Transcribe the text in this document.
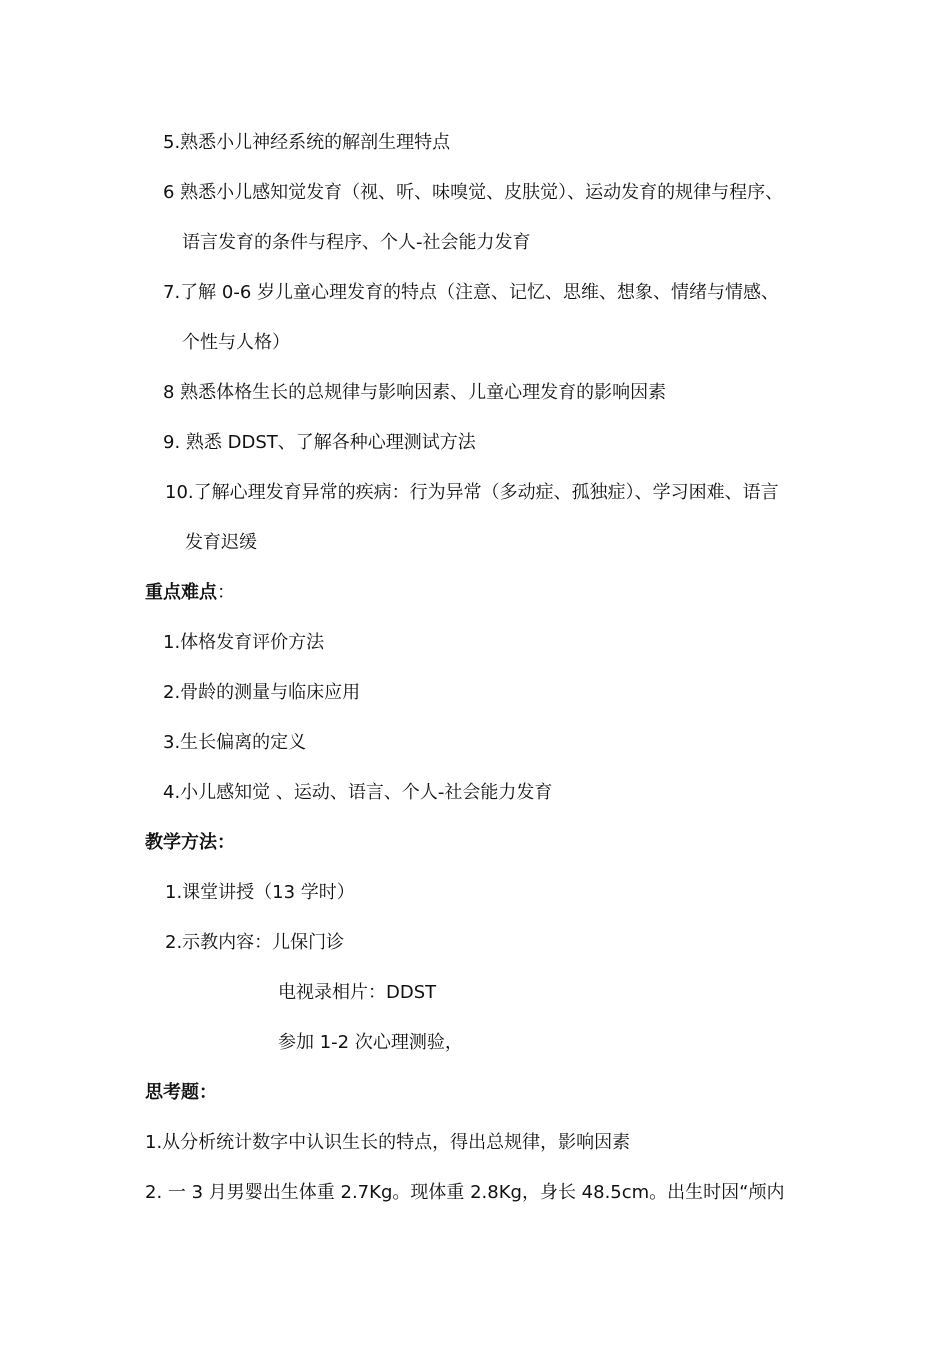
5.熟悉小儿神经系统的解剖生理特点
6 熟悉小儿感知觉发育（视、听、味嗅觉、皮肤觉）、运动发育的规律与程序、
语言发育的条件与程序、个人-社会能力发育
7.了解 0-6 岁儿童心理发育的特点（注意、记忆、思维、想象、情绪与情感、
个性与人格）
8 熟悉体格生长的总规律与影响因素、儿童心理发育的影响因素
9. 熟悉 DDST、了解各种心理测试方法
10.了解心理发育异常的疾病：行为异常（多动症、孤独症）、学习困难、语言
发育迟缓
重点难点：
1.体格发育评价方法
2.骨龄的测量与临床应用
3.生长偏离的定义
4.小儿感知觉 、运动、语言、个人-社会能力发育
教学方法：
1.课堂讲授（13 学时）
2.示教内容：儿保门诊
电视录相片：DDST
参加 1-2 次心理测验，
思考题：
1.从分析统计数字中认识生长的特点，得出总规律，影响因素
2. 一 3 月男婴出生体重 2.7Kg。现体重 2.8Kg，身长 48.5cm。出生时因“颅内
